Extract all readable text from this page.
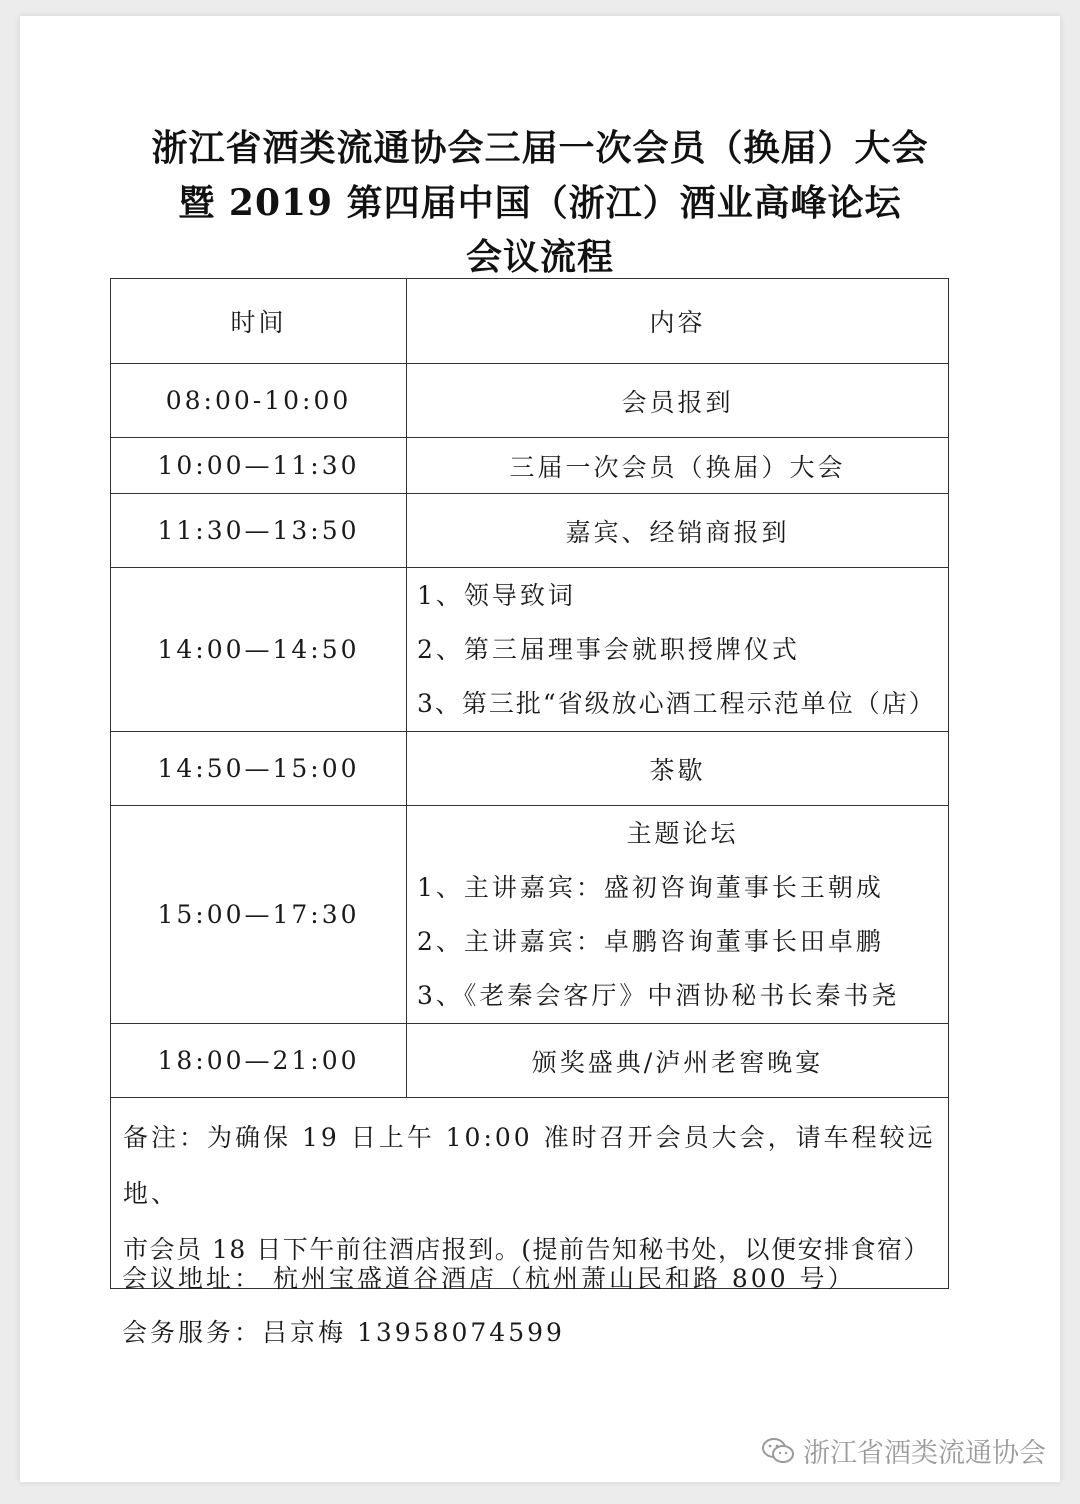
浙江省酒类流通协会三届一次会员（换届）大会
暨 2019 第四届中国（浙江）酒业高峰论坛
会议流程
时间	内容
08:00-10:00	会员报到
10:00—11:30	三届一次会员（换届）大会
11:30—13:50	嘉宾、经销商报到
14:00—14:50	1、领导致词
2、第三届理事会就职授牌仪式
3、第三批“省级放心酒工程示范单位（店）

14:50—15:00	茶歇
15:00—17:30	主题论坛
1、主讲嘉宾：盛初咨询董事长王朝成
2、主讲嘉宾：卓鹏咨询董事长田卓鹏
3、《老秦会客厅》中酒协秘书长秦书尧

18:00—21:00	颁奖盛典/泸州老窖晚宴

备注：为确保 19 日上午 10:00 准时召开会员大会，请车程较远地、
市会员 18 日下午前往酒店报到。(提前告知秘书处，以便安排食宿）	
会议地址： 杭州宝盛道谷酒店（杭州萧山民和路 800 号）
会务服务：吕京梅 13958074599
浙江省酒类流通协会
